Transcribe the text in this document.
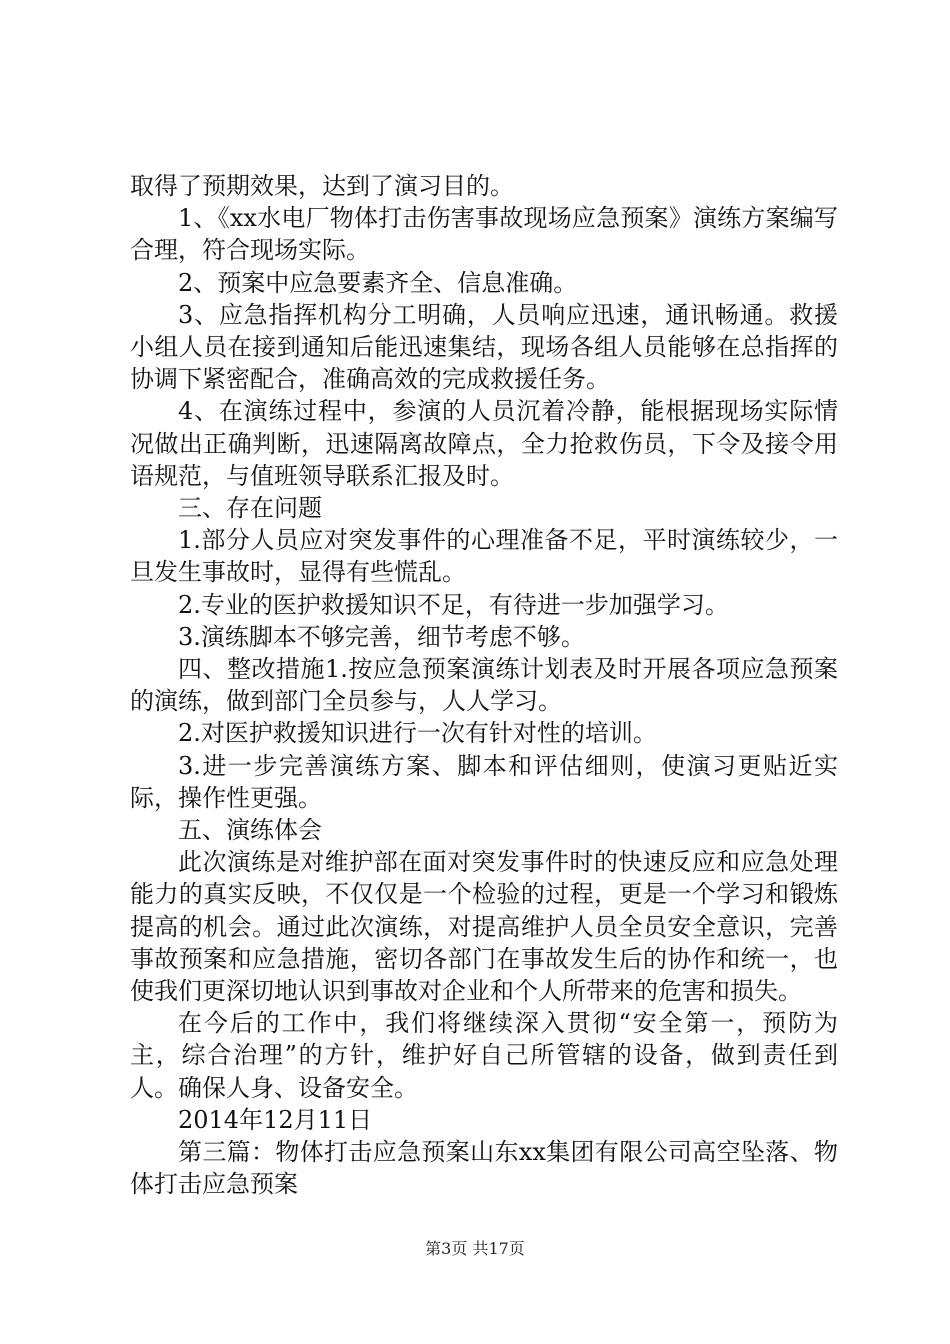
取得了预期效果，达到了演习目的。

1、《xx水电厂物体打击伤害事故现场应急预案》演练方案编写合理，符合现场实际。

2、预案中应急要素齐全、信息准确。

3、应急指挥机构分工明确，人员响应迅速，通讯畅通。救援小组人员在接到通知后能迅速集结，现场各组人员能够在总指挥的协调下紧密配合，准确高效的完成救援任务。

4、在演练过程中，参演的人员沉着冷静，能根据现场实际情况做出正确判断，迅速隔离故障点，全力抢救伤员，下令及接令用语规范，与值班领导联系汇报及时。

三、存在问题

1.部分人员应对突发事件的心理准备不足，平时演练较少，一旦发生事故时，显得有些慌乱。

2.专业的医护救援知识不足，有待进一步加强学习。

3.演练脚本不够完善，细节考虑不够。

四、整改措施1.按应急预案演练计划表及时开展各项应急预案的演练，做到部门全员参与，人人学习。

2.对医护救援知识进行一次有针对性的培训。

3.进一步完善演练方案、脚本和评估细则，使演习更贴近实际，操作性更强。

五、演练体会

此次演练是对维护部在面对突发事件时的快速反应和应急处理能力的真实反映，不仅仅是一个检验的过程，更是一个学习和锻炼提高的机会。通过此次演练，对提高维护人员全员安全意识，完善事故预案和应急措施，密切各部门在事故发生后的协作和统一，也使我们更深切地认识到事故对企业和个人所带来的危害和损失。

在今后的工作中，我们将继续深入贯彻“安全第一，预防为主，综合治理”的方针，维护好自己所管辖的设备，做到责任到人。确保人身、设备安全。

2014年12月11日

第三篇：物体打击应急预案山东xx集团有限公司高空坠落、物体打击应急预案

第3页 共17页
